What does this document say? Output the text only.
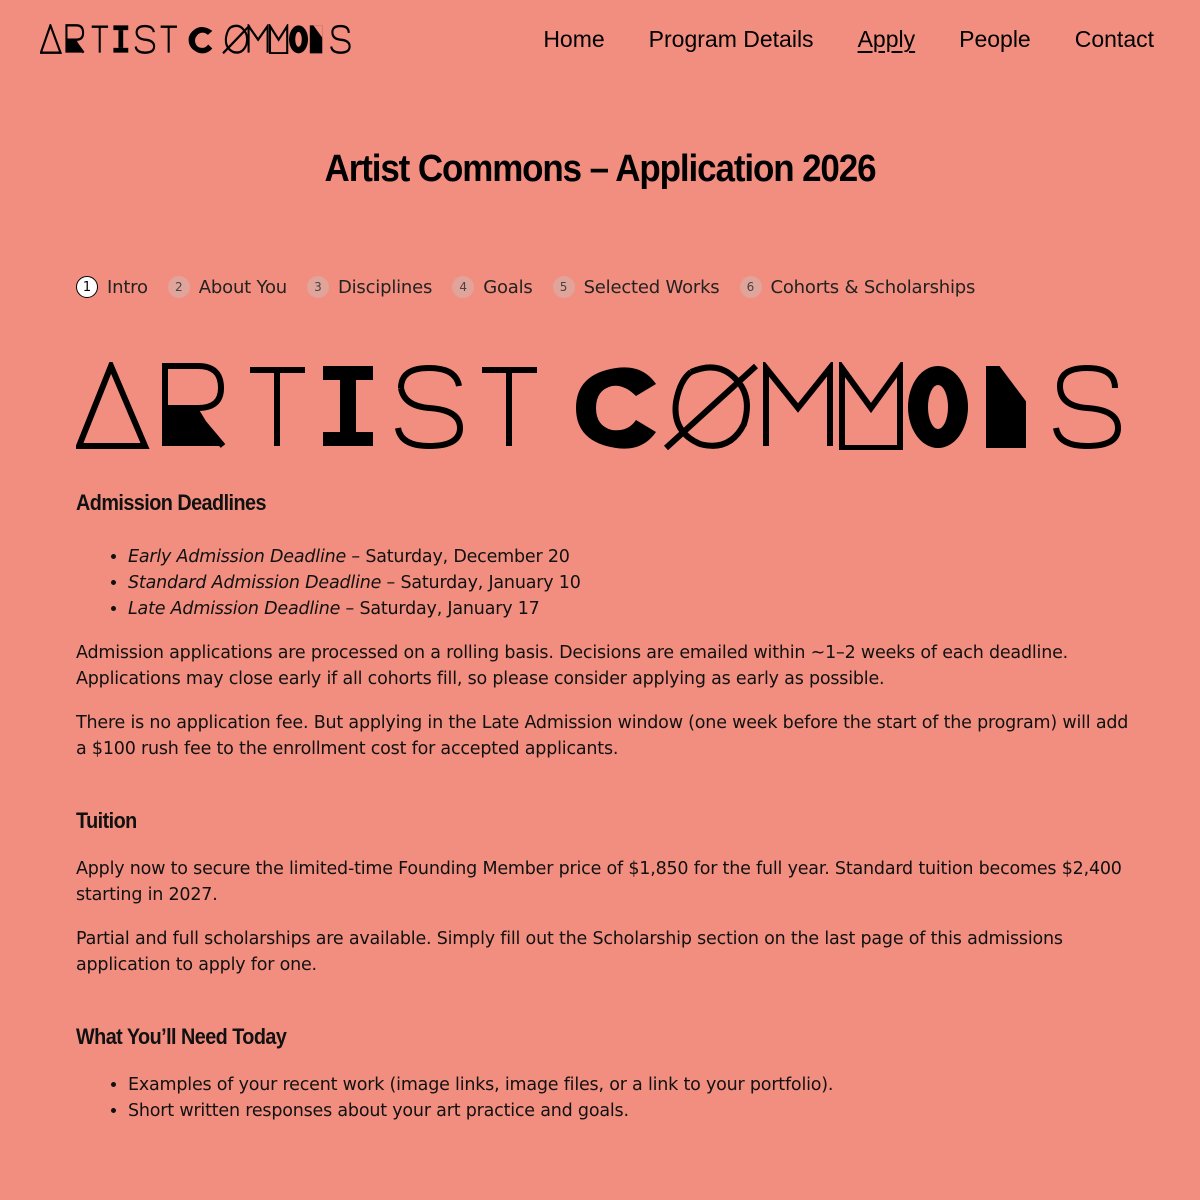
Home Program Details Apply People Contact
Artist Commons – Application 2026
1 Intro	2 About You	3 Disciplines	4 Goals	5 Selected Works	6 Cohorts & Scholarships
Admission Deadlines
• Early Admission Deadline – Saturday, December 20
• Standard Admission Deadline – Saturday, January 10
• Late Admission Deadline – Saturday, January 17

Admission applications are processed on a rolling basis. Decisions are emailed within ~1–2 weeks of each deadline. Applications may close early if all cohorts fill, so please consider applying as early as possible.

There is no application fee. But applying in the Late Admission window (one week before the start of the program) will add a $100 rush fee to the enrollment cost for accepted applicants.

Tuition

Apply now to secure the limited-time Founding Member price of $1,850 for the full year. Standard tuition becomes $2,400 starting in 2027.

Partial and full scholarships are available. Simply fill out the Scholarship section on the last page of this admissions application to apply for one.

What You’ll Need Today
• Examples of your recent work (image links, image files, or a link to your portfolio).
• Short written responses about your art practice and goals.
